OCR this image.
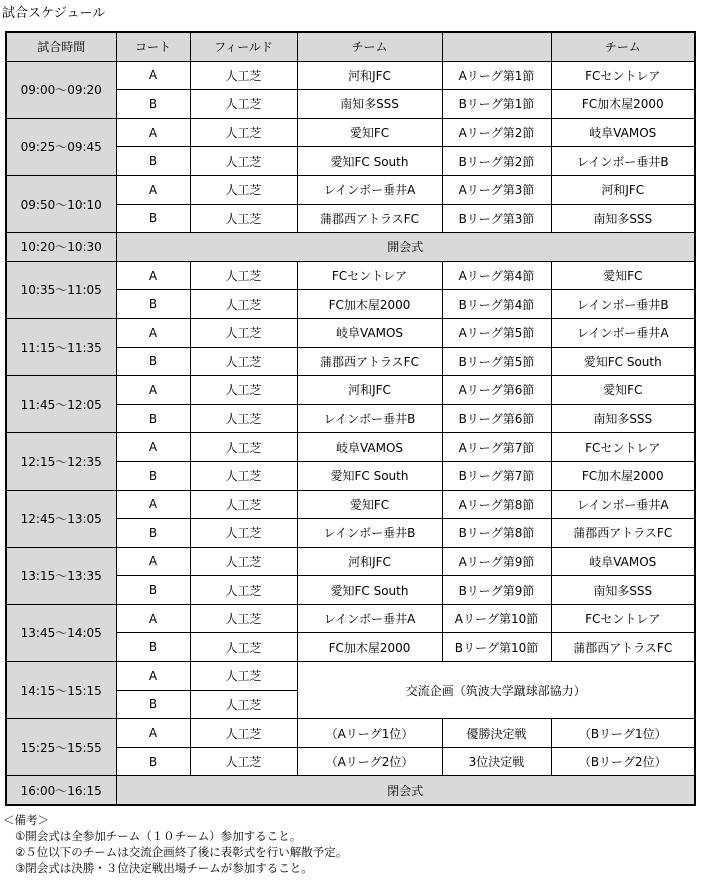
試合スケジュール
試合時間	コート	フィールド	チーム		チーム
09:00～09:20	A	人工芝	河和JFC	Aリーグ第1節	FCセントレア
	B	人工芝	南知多SSS	Bリーグ第1節	FC加木屋2000
09:25～09:45	A	人工芝	愛知FC	Aリーグ第2節	岐阜VAMOS
	B	人工芝	愛知FC South	Bリーグ第2節	レインボー垂井B
09:50～10:10	A	人工芝	レインボー垂井A	Aリーグ第3節	河和JFC
	B	人工芝	蒲郡西アトラスFC	Bリーグ第3節	南知多SSS
10:20～10:30	開会式				
10:35～11:05	A	人工芝	FCセントレア	Aリーグ第4節	愛知FC
	B	人工芝	FC加木屋2000	Bリーグ第4節	レインボー垂井B
11:15～11:35	A	人工芝	岐阜VAMOS	Aリーグ第5節	レインボー垂井A
	B	人工芝	蒲郡西アトラスFC	Bリーグ第5節	愛知FC South
11:45～12:05	A	人工芝	河和JFC	Aリーグ第6節	愛知FC
	B	人工芝	レインボー垂井B	Bリーグ第6節	南知多SSS
12:15～12:35	A	人工芝	岐阜VAMOS	Aリーグ第7節	FCセントレア
	B	人工芝	愛知FC South	Bリーグ第7節	FC加木屋2000
12:45～13:05	A	人工芝	愛知FC	Aリーグ第8節	レインボー垂井A
	B	人工芝	レインボー垂井B	Bリーグ第8節	蒲郡西アトラスFC
13:15～13:35	A	人工芝	河和JFC	Aリーグ第9節	岐阜VAMOS
	B	人工芝	愛知FC South	Bリーグ第9節	南知多SSS
13:45～14:05	A	人工芝	レインボー垂井A	Aリーグ第10節	FCセントレア
	B	人工芝	FC加木屋2000	Bリーグ第10節	蒲郡西アトラスFC
14:15～15:15	A	人工芝	交流企画（筑波大学蹴球部協力）		
	B	人工芝			
15:25～15:55	A	人工芝	（Aリーグ1位）	優勝決定戦	（Bリーグ1位）
	B	人工芝	（Aリーグ2位）	3位決定戦	（Bリーグ2位）
16:00～16:15	閉会式				
＜備考＞
①開会式は全参加チーム（１０チーム）参加すること。
②５位以下のチームは交流企画終了後に表彰式を行い解散予定。
③閉会式は決勝・３位決定戦出場チームが参加すること。
